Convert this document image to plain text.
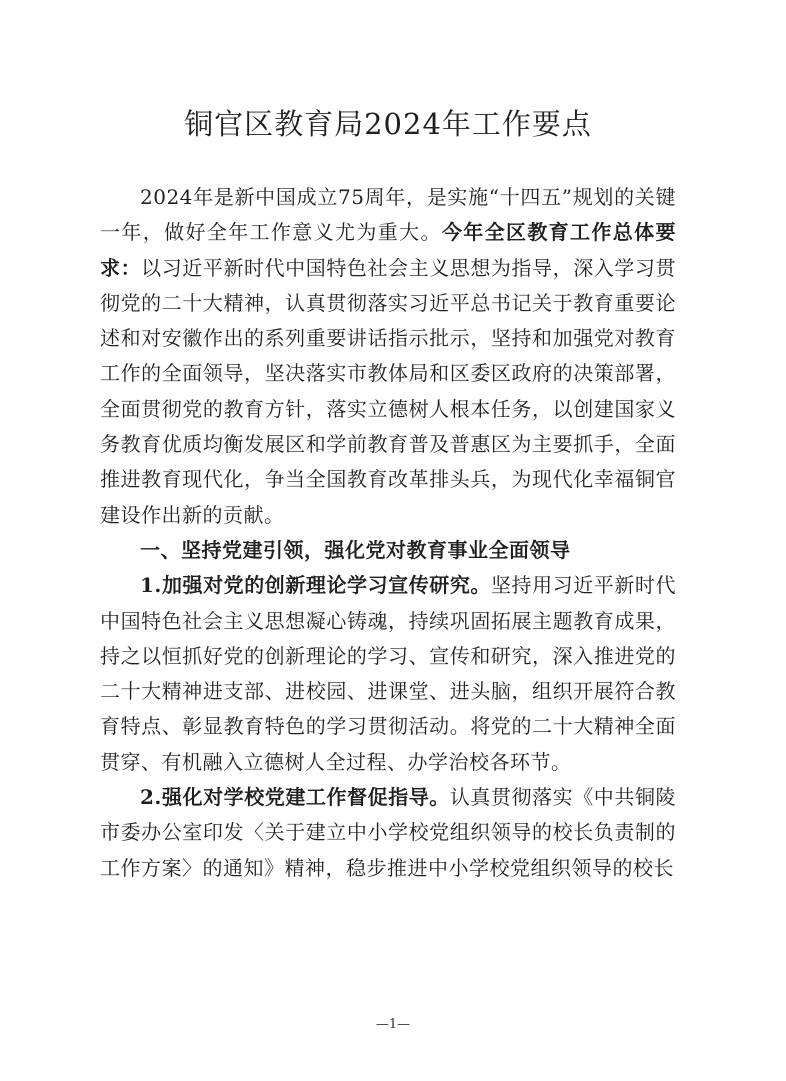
铜官区教育局2024年工作要点

2024年是新中国成立75周年，是实施“十四五”规划的关键一年，做好全年工作意义尤为重大。今年全区教育工作总体要求：以习近平新时代中国特色社会主义思想为指导，深入学习贯彻党的二十大精神，认真贯彻落实习近平总书记关于教育重要论述和对安徽作出的系列重要讲话指示批示，坚持和加强党对教育工作的全面领导，坚决落实市教体局和区委区政府的决策部署，全面贯彻党的教育方针，落实立德树人根本任务，以创建国家义务教育优质均衡发展区和学前教育普及普惠区为主要抓手，全面推进教育现代化，争当全国教育改革排头兵，为现代化幸福铜官建设作出新的贡献。

一、坚持党建引领，强化党对教育事业全面领导

1.加强对党的创新理论学习宣传研究。坚持用习近平新时代中国特色社会主义思想凝心铸魂，持续巩固拓展主题教育成果，持之以恒抓好党的创新理论的学习、宣传和研究，深入推进党的二十大精神进支部、进校园、进课堂、进头脑，组织开展符合教育特点、彰显教育特色的学习贯彻活动。将党的二十大精神全面贯穿、有机融入立德树人全过程、办学治校各环节。

2.强化对学校党建工作督促指导。认真贯彻落实《中共铜陵市委办公室印发〈关于建立中小学校党组织领导的校长负责制的工作方案〉的通知》精神，稳步推进中小学校党组织领导的校长

—1—
